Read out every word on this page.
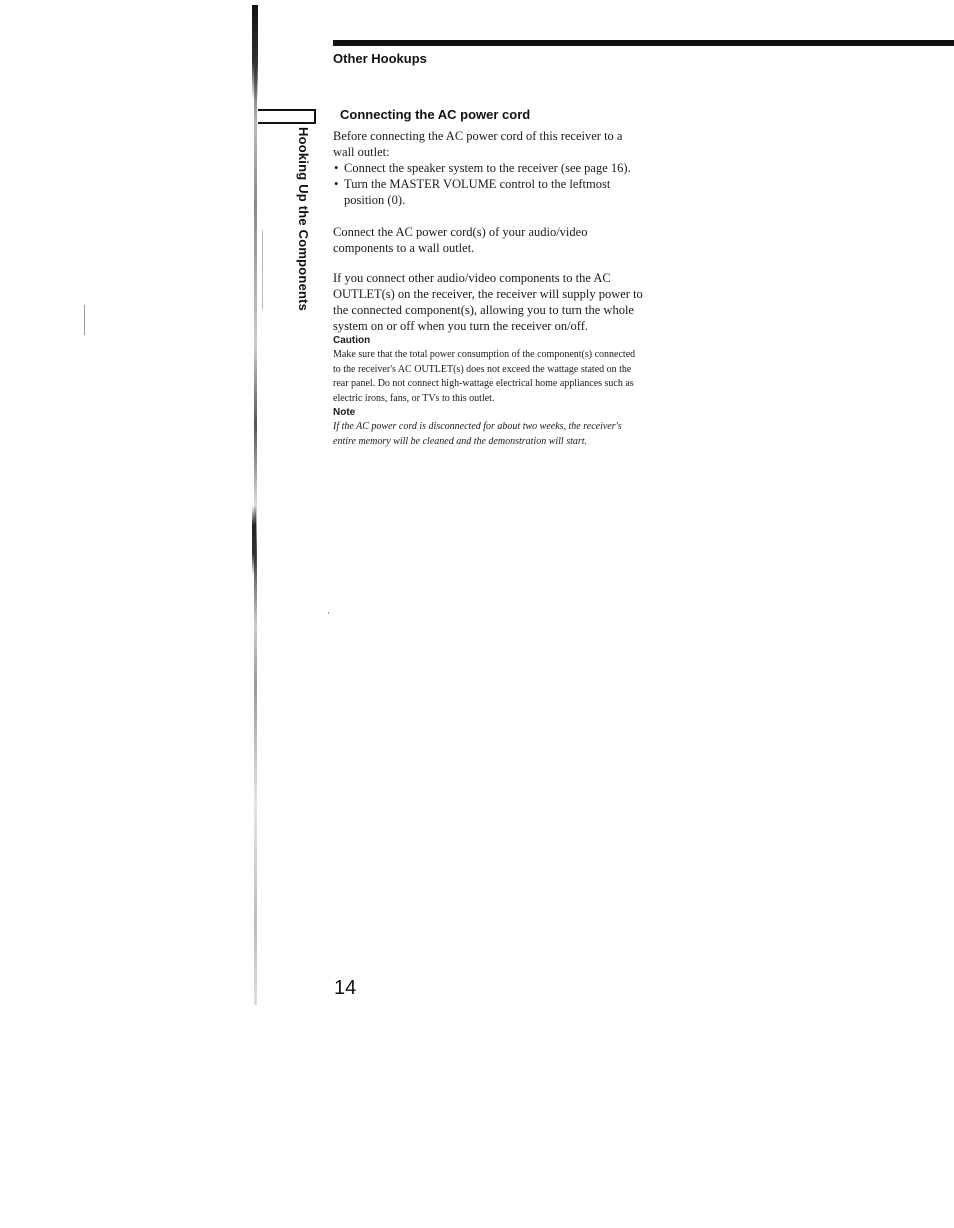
Other Hookups
Hooking Up the Components
Connecting the AC power cord

Before connecting the AC power cord of this receiver to a wall outlet:

• Connect the speaker system to the receiver (see page 16).
• Turn the MASTER VOLUME control to the leftmost position (0).

Connect the AC power cord(s) of your audio/video components to a wall outlet.

If you connect other audio/video components to the AC OUTLET(s) on the receiver, the receiver will supply power to the connected component(s), allowing you to turn the whole system on or off when you turn the receiver on/off.

Caution

Make sure that the total power consumption of the component(s) connected to the receiver's AC OUTLET(s) does not exceed the wattage stated on the rear panel. Do not connect high-wattage electrical home appliances such as electric irons, fans, or TVs to this outlet.

Note

If the AC power cord is disconnected for about two weeks, the receiver's entire memory will be cleaned and the demonstration will start.

14
